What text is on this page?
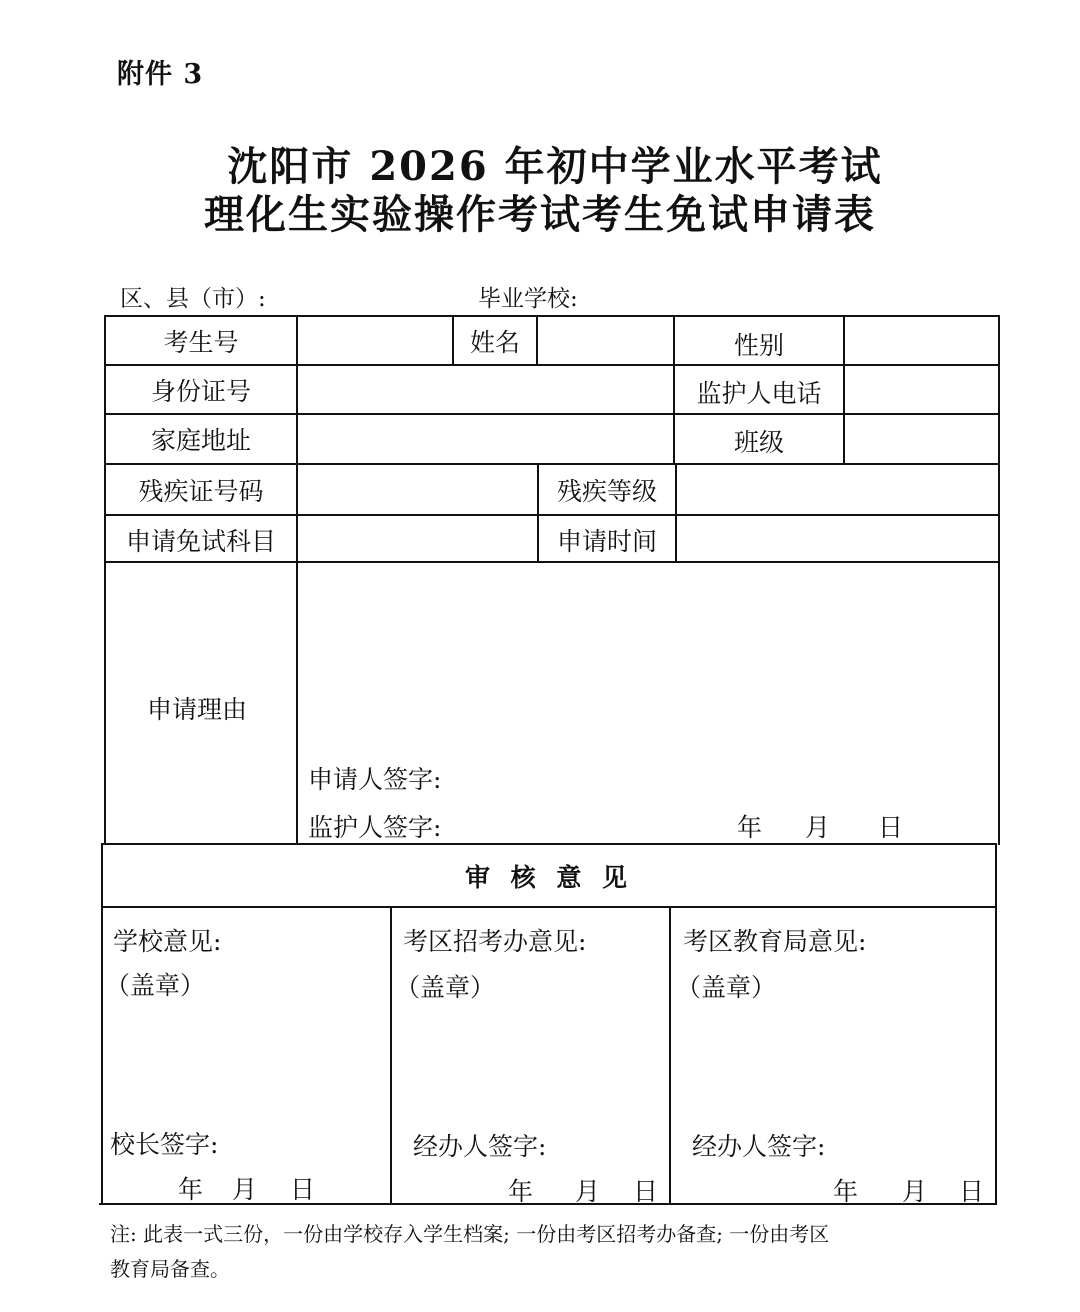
附件 3
沈阳市 2026 年初中学业水平考试
理化生实验操作考试考生免试申请表
区、县（市）:	毕业学校:
考生号	姓名	性别
身份证号	监护人电话
家庭地址	班级
残疾证号码	残疾等级
申请免试科目	申请时间
申请理由
申请人签字:
监护人签字:	年 月 日
审 核 意 见
学校意见:
（盖章）
校长签字:
年 月 日
考区招考办意见:
（盖章）
经办人签字:
年 月 日
考区教育局意见:
（盖章）
经办人签字:
年 月 日
注: 此表一式三份，一份由学校存入学生档案; 一份由考区招考办备查; 一份由考区
教育局备查。
